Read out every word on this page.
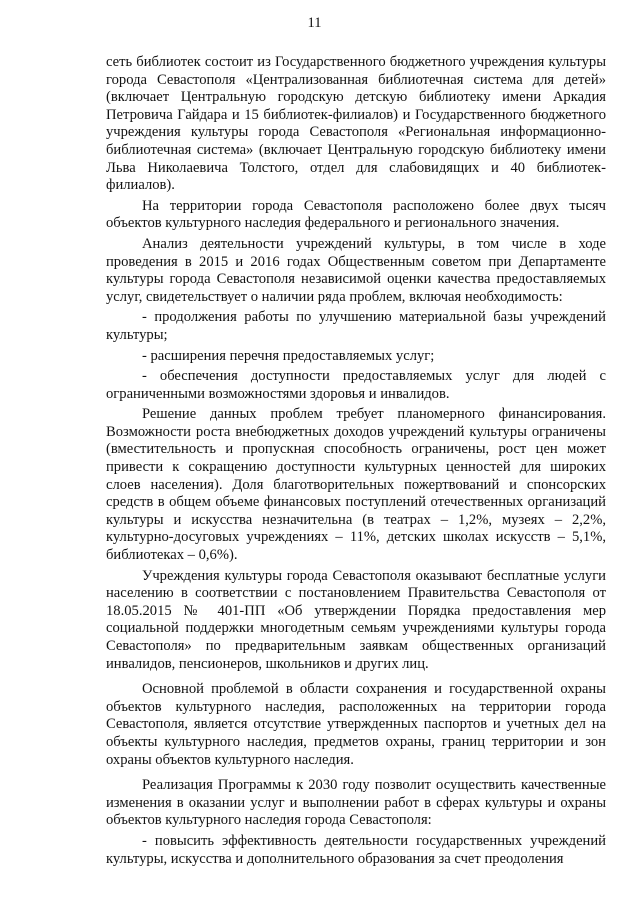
11

сеть библиотек состоит из Государственного бюджетного учреждения культуры города Севастополя «Централизованная библиотечная система для детей» (включает Центральную городскую детскую библиотеку имени Аркадия Петровича Гайдара и 15 библиотек-филиалов) и Государственного бюджетного учреждения культуры города Севастополя «Региональная информационно-библиотечная система» (включает Центральную городскую библиотеку имени Льва Николаевича Толстого, отдел для слабовидящих и 40 библиотек-филиалов).

На территории города Севастополя расположено более двух тысяч объектов культурного наследия федерального и регионального значения.

Анализ деятельности учреждений культуры, в том числе в ходе проведения в 2015 и 2016 годах Общественным советом при Департаменте культуры города Севастополя независимой оценки качества предоставляемых услуг, свидетельствует о наличии ряда проблем, включая необходимость:

- продолжения работы по улучшению материальной базы учреждений культуры;

- расширения перечня предоставляемых услуг;

- обеспечения доступности предоставляемых услуг для людей с ограниченными возможностями здоровья и инвалидов.

Решение данных проблем требует планомерного финансирования. Возможности роста внебюджетных доходов учреждений культуры ограничены (вместительность и пропускная способность ограничены, рост цен может привести к сокращению доступности культурных ценностей для широких слоев населения). Доля благотворительных пожертвований и спонсорских средств в общем объеме финансовых поступлений отечественных организаций культуры и искусства незначительна (в театрах – 1,2%, музеях – 2,2%, культурно-досуговых учреждениях – 11%, детских школах искусств – 5,1%, библиотеках – 0,6%).

Учреждения культуры города Севастополя оказывают бесплатные услуги населению в соответствии с постановлением Правительства Севастополя от 18.05.2015 № 401-ПП «Об утверждении Порядка предоставления мер социальной поддержки многодетным семьям учреждениями культуры города Севастополя» по предварительным заявкам общественных организаций инвалидов, пенсионеров, школьников и других лиц.

Основной проблемой в области сохранения и государственной охраны объектов культурного наследия, расположенных на территории города Севастополя, является отсутствие утвержденных паспортов и учетных дел на объекты культурного наследия, предметов охраны, границ территории и зон охраны объектов культурного наследия.

Реализация Программы к 2030 году позволит осуществить качественные изменения в оказании услуг и выполнении работ в сферах культуры и охраны объектов культурного наследия города Севастополя:

- повысить эффективность деятельности государственных учреждений культуры, искусства и дополнительного образования за счет преодоления
